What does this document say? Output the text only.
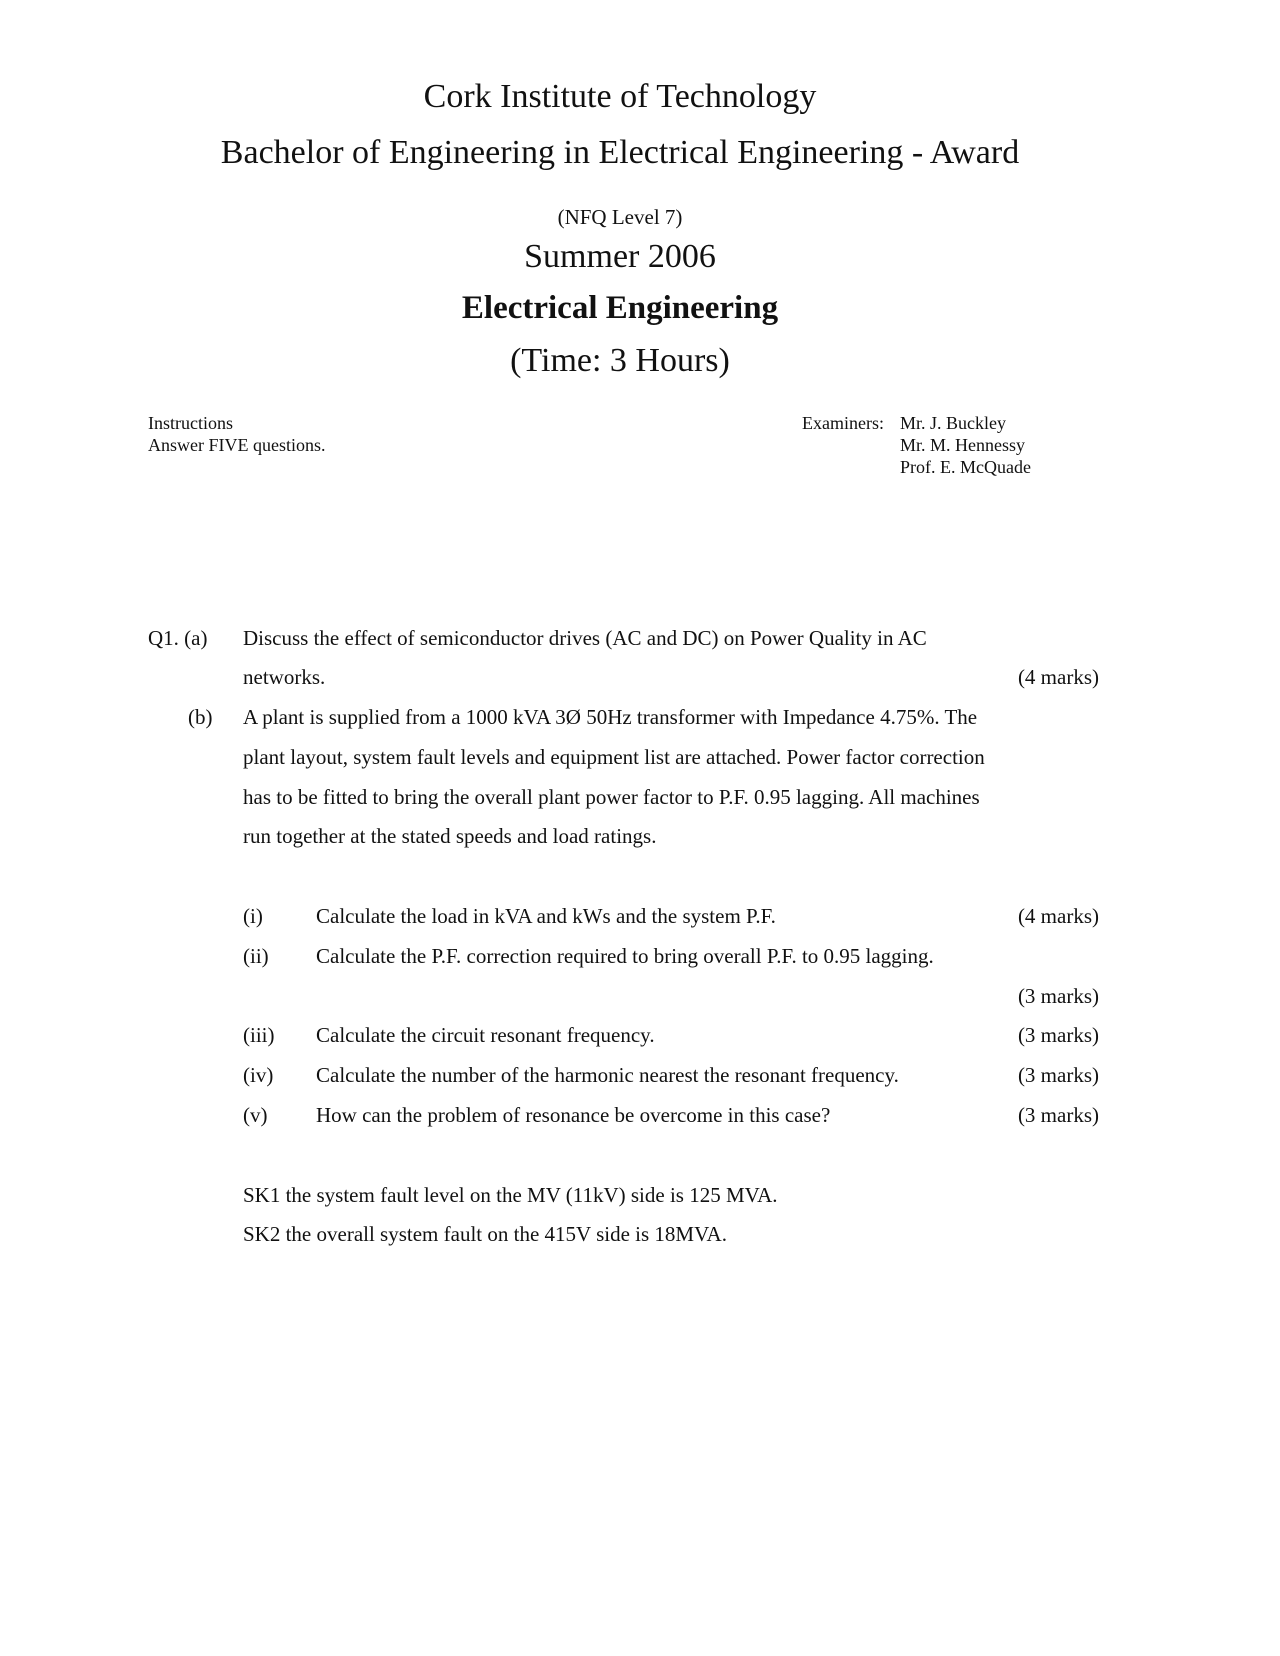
Cork Institute of Technology
Bachelor of Engineering in Electrical Engineering - Award
(NFQ Level 7)
Summer 2006
Electrical Engineering
(Time: 3 Hours)
Instructions
Answer FIVE questions.
Examiners: Mr. J. Buckley
Mr. M. Hennessy
Prof. E. McQuade
Q1. (a) Discuss the effect of semiconductor drives (AC and DC) on Power Quality in AC
networks.	(4 marks)
(b) A plant is supplied from a 1000 kVA 3Ø 50Hz transformer with Impedance 4.75%. The
plant layout, system fault levels and equipment list are attached. Power factor correction
has to be fitted to bring the overall plant power factor to P.F. 0.95 lagging. All machines
run together at the stated speeds and load ratings.
(i)	Calculate the load in kVA and kWs and the system P.F.	(4 marks)
(ii) Calculate the P.F. correction required to bring overall P.F. to 0.95 lagging.
(3 marks)
(iii) Calculate the circuit resonant frequency.	(3 marks)
(iv) Calculate the number of the harmonic nearest the resonant frequency.	(3 marks)
(v) How can the problem of resonance be overcome in this case?	(3 marks)
SK1 the system fault level on the MV (11kV) side is 125 MVA.
SK2 the overall system fault on the 415V side is 18MVA.
